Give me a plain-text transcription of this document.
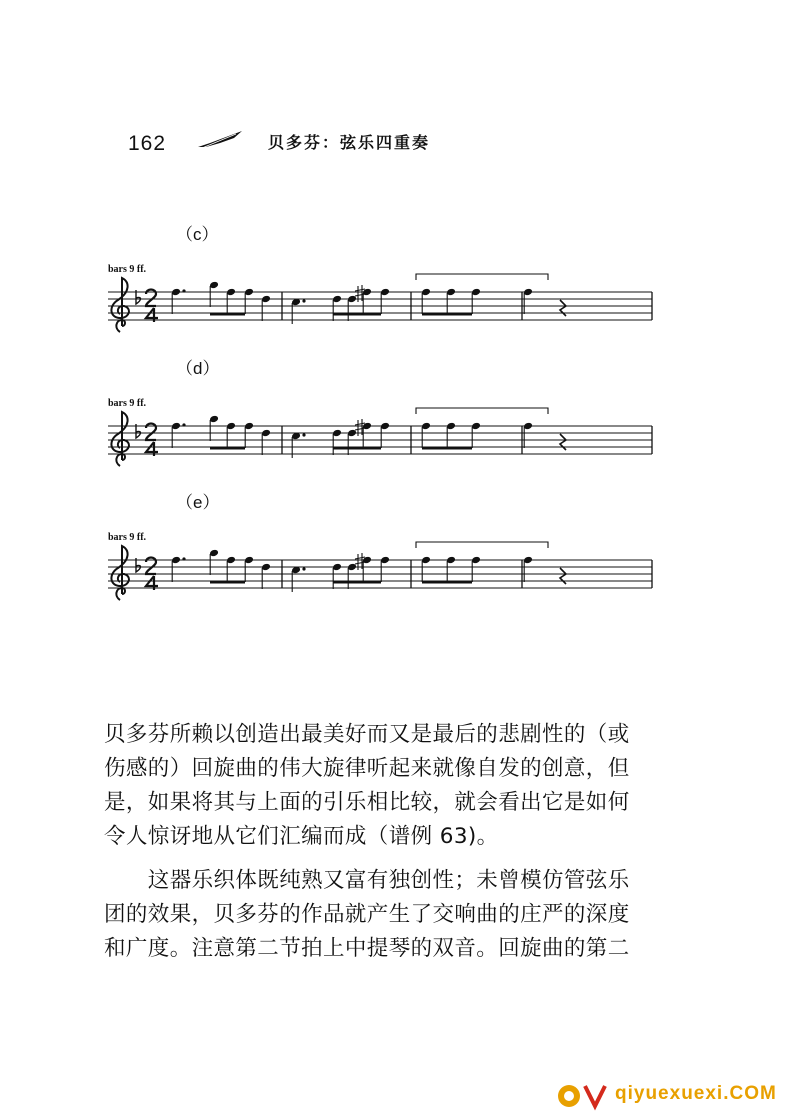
162	贝多芬：弦乐四重奏
（c）
bars 9 ff.
（d）
bars 9 ff.
（e）
bars 9 ff.

贝多芬所赖以创造出最美好而又是最后的悲剧性的（或

伤感的）回旋曲的伟大旋律听起来就像自发的创意，但

是，如果将其与上面的引乐相比较，就会看出它是如何

令人惊讶地从它们汇编而成（谱例 63)。

　　这器乐织体既纯熟又富有独创性；未曾模仿管弦乐

团的效果，贝多芬的作品就产生了交响曲的庄严的深度

和广度。注意第二节拍上中提琴的双音。回旋曲的第二

qiyuexuexi.COM
